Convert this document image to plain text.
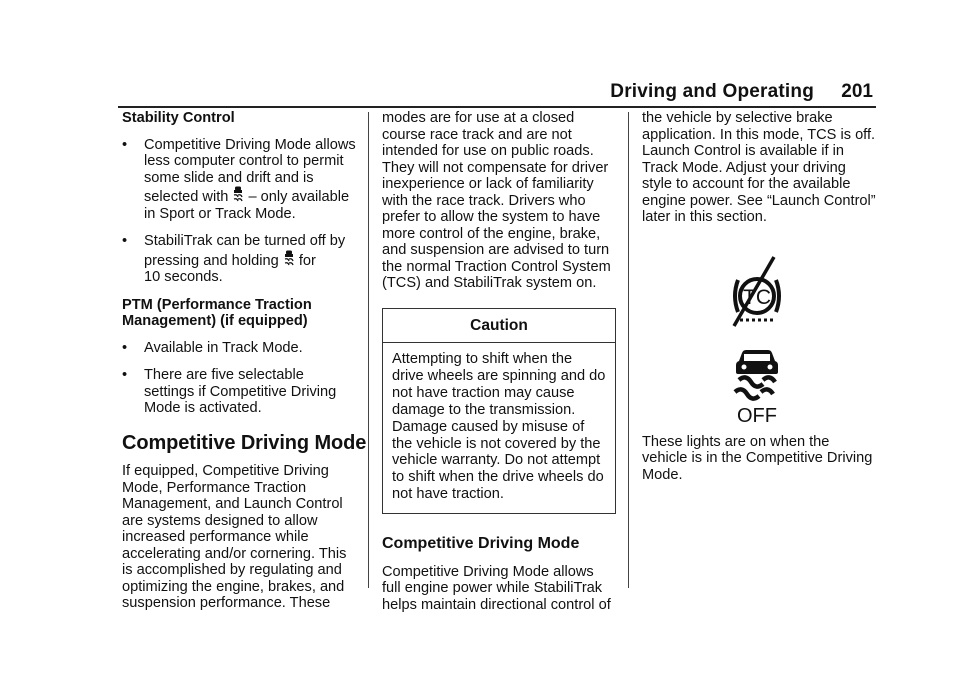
Driving and Operating 201

Stability Control

• Competitive Driving Mode allows less computer control to permit some slide and drift and is
selected with – only available
in Sport or Track Mode.
• StabiliTrak can be turned off by
pressing and holding for
10 seconds.

PTM (Performance Traction Management) (if equipped)

• Available in Track Mode.
• There are five selectable settings if Competitive Driving Mode is activated.
Competitive Driving Mode

If equipped, Competitive Driving Mode, Performance Traction Management, and Launch Control are systems designed to allow increased performance while accelerating and/or cornering. This is accomplished by regulating and optimizing the engine, brakes, and suspension performance. These

modes are for use at a closed course race track and are not intended for use on public roads. They will not compensate for driver inexperience or lack of familiarity with the race track. Drivers who prefer to allow the system to have more control of the engine, brake, and suspension are advised to turn the normal Traction Control System (TCS) and StabiliTrak system on.

Caution
Attempting to shift when the drive wheels are spinning and do not have traction may cause damage to the transmission. Damage caused by misuse of the vehicle is not covered by the vehicle warranty. Do not attempt to shift when the drive wheels do not have traction.
Competitive Driving Mode

Competitive Driving Mode allows full engine power while StabiliTrak helps maintain directional control of

the vehicle by selective brake application. In this mode, TCS is off. Launch Control is available if in Track Mode. Adjust your driving style to account for the available engine power. See “Launch Control” later in this section.

TC
OFF

These lights are on when the vehicle is in the Competitive Driving Mode.
